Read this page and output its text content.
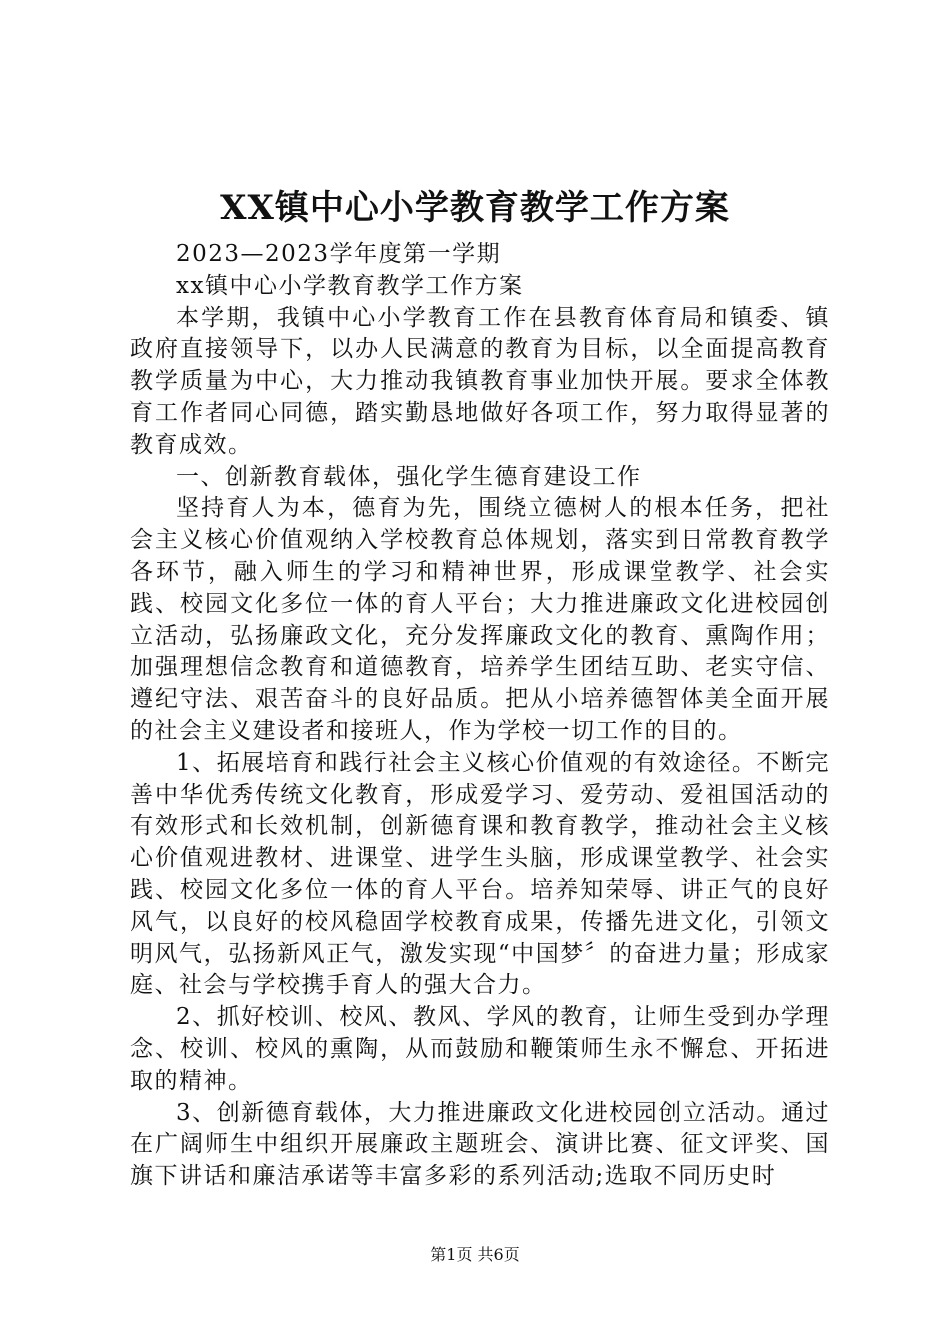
XX镇中心小学教育教学工作方案

2023—2023学年度第一学期

xx镇中心小学教育教学工作方案

本学期，我镇中心小学教育工作在县教育体育局和镇委、镇政府直接领导下，以办人民满意的教育为目标，以全面提高教育教学质量为中心，大力推动我镇教育事业加快开展。要求全体教育工作者同心同德，踏实勤恳地做好各项工作，努力取得显著的教育成效。

一、创新教育载体，强化学生德育建设工作

坚持育人为本，德育为先，围绕立德树人的根本任务，把社会主义核心价值观纳入学校教育总体规划，落实到日常教育教学各环节，融入师生的学习和精神世界，形成课堂教学、社会实践、校园文化多位一体的育人平台；大力推进廉政文化进校园创立活动，弘扬廉政文化，充分发挥廉政文化的教育、熏陶作用；加强理想信念教育和道德教育，培养学生团结互助、老实守信、遵纪守法、艰苦奋斗的良好品质。把从小培养德智体美全面开展的社会主义建设者和接班人，作为学校一切工作的目的。

1、拓展培育和践行社会主义核心价值观的有效途径。不断完善中华优秀传统文化教育，形成爱学习、爱劳动、爱祖国活动的有效形式和长效机制，创新德育课和教育教学，推动社会主义核心价值观进教材、进课堂、进学生头脑，形成课堂教学、社会实践、校园文化多位一体的育人平台。培养知荣辱、讲正气的良好风气，以良好的校风稳固学校教育成果，传播先进文化，引领文明风气，弘扬新风正气，激发实现“中国梦〞的奋进力量；形成家庭、社会与学校携手育人的强大合力。

2、抓好校训、校风、教风、学风的教育，让师生受到办学理念、校训、校风的熏陶，从而鼓励和鞭策师生永不懈怠、开拓进取的精神。

3、创新德育载体，大力推进廉政文化进校园创立活动。通过在广阔师生中组织开展廉政主题班会、演讲比赛、征文评奖、国旗下讲话和廉洁承诺等丰富多彩的系列活动;选取不同历史时

第1页 共6页
